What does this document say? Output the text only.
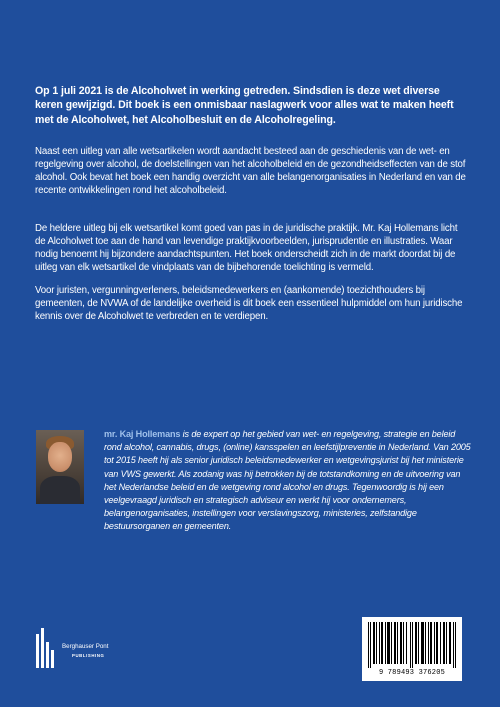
Op 1 juli 2021 is de Alcoholwet in werking getreden. Sindsdien is deze wet diverse keren gewijzigd. Dit boek is een onmisbaar naslagwerk voor alles wat te maken heeft met de Alcoholwet, het Alcoholbesluit en de Alcoholregeling.

Naast een uitleg van alle wetsartikelen wordt aandacht besteed aan de geschiedenis van de wet- en regelgeving over alcohol, de doelstellingen van het alcoholbeleid en de gezondheidseffecten van de stof alcohol. Ook bevat het boek een handig overzicht van alle belangenorganisaties in Nederland en van de recente ontwikkelingen rond het alcoholbeleid.

De heldere uitleg bij elk wetsartikel komt goed van pas in de juridische praktijk. Mr. Kaj Hollemans licht de Alcoholwet toe aan de hand van levendige praktijkvoorbeelden, jurisprudentie en illustraties. Waar nodig benoemt hij bijzondere aandachtspunten. Het boek onderscheidt zich in de markt doordat bij de uitleg van elk wetsartikel de vindplaats van de bijbehorende toelichting is vermeld.

Voor juristen, vergunningverleners, beleidsmedewerkers en (aankomende) toezichthouders bij gemeenten, de NVWA of de landelijke overheid is dit boek een essentieel hulpmiddel om hun juridische kennis over de Alcoholwet te verbreden en te verdiepen.

mr. Kaj Hollemans is de expert op het gebied van wet- en regelgeving, strategie en beleid rond alcohol, cannabis, drugs, (online) kansspelen en leefstijlpreventie in Nederland. Van 2005 tot 2015 heeft hij als senior juridisch beleidsmedewerker en wetgevingsjurist bij het ministerie van VWS gewerkt. Als zodanig was hij betrokken bij de totstandkoming en de uitvoering van het Nederlandse beleid en de wetgeving rond alcohol en drugs. Tegenwoordig is hij een veelgevraagd juridisch en strategisch adviseur en werkt hij voor ondernemers, belangenorganisaties, instellingen voor verslavingszorg, ministeries, zelfstandige bestuursorganen en gemeenten.

Berghauser Pont
PUBLISHING
9 789493 376205
